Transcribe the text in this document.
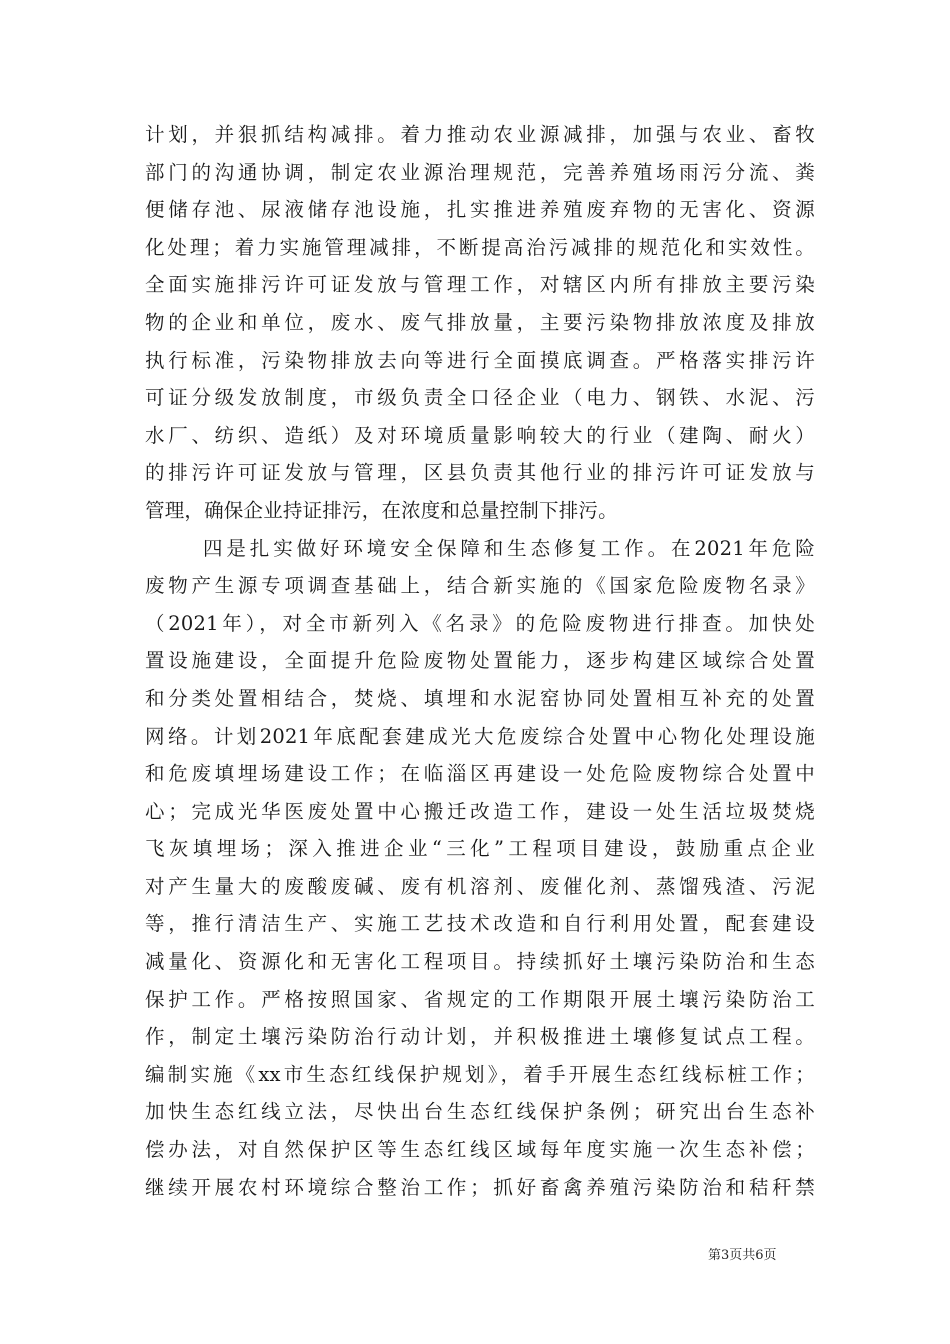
计划，并狠抓结构减排。着力推动农业源减排，加强与农业、畜牧
部门的沟通协调，制定农业源治理规范，完善养殖场雨污分流、粪
便储存池、尿液储存池设施，扎实推进养殖废弃物的无害化、资源
化处理；着力实施管理减排，不断提高治污减排的规范化和实效性。
全面实施排污许可证发放与管理工作，对辖区内所有排放主要污染
物的企业和单位，废水、废气排放量，主要污染物排放浓度及排放
执行标准，污染物排放去向等进行全面摸底调查。严格落实排污许
可证分级发放制度，市级负责全口径企业（电力、钢铁、水泥、污
水厂、纺织、造纸）及对环境质量影响较大的行业（建陶、耐火）
的排污许可证发放与管理，区县负责其他行业的排污许可证发放与
管理，确保企业持证排污，在浓度和总量控制下排污。
四是扎实做好环境安全保障和生态修复工作。在2021年危险
废物产生源专项调查基础上，结合新实施的《国家危险废物名录》
（2021年），对全市新列入《名录》的危险废物进行排查。加快处
置设施建设，全面提升危险废物处置能力，逐步构建区域综合处置
和分类处置相结合，焚烧、填埋和水泥窑协同处置相互补充的处置
网络。计划2021年底配套建成光大危废综合处置中心物化处理设施
和危废填埋场建设工作；在临淄区再建设一处危险废物综合处置中
心；完成光华医废处置中心搬迁改造工作，建设一处生活垃圾焚烧
飞灰填埋场；深入推进企业“三化”工程项目建设，鼓励重点企业
对产生量大的废酸废碱、废有机溶剂、废催化剂、蒸馏残渣、污泥
等，推行清洁生产、实施工艺技术改造和自行利用处置，配套建设
减量化、资源化和无害化工程项目。持续抓好土壤污染防治和生态
保护工作。严格按照国家、省规定的工作期限开展土壤污染防治工
作，制定土壤污染防治行动计划，并积极推进土壤修复试点工程。
编制实施《xx市生态红线保护规划》，着手开展生态红线标桩工作；
加快生态红线立法，尽快出台生态红线保护条例；研究出台生态补
偿办法，对自然保护区等生态红线区域每年度实施一次生态补偿；
继续开展农村环境综合整治工作；抓好畜禽养殖污染防治和秸秆禁
第3页共6页
